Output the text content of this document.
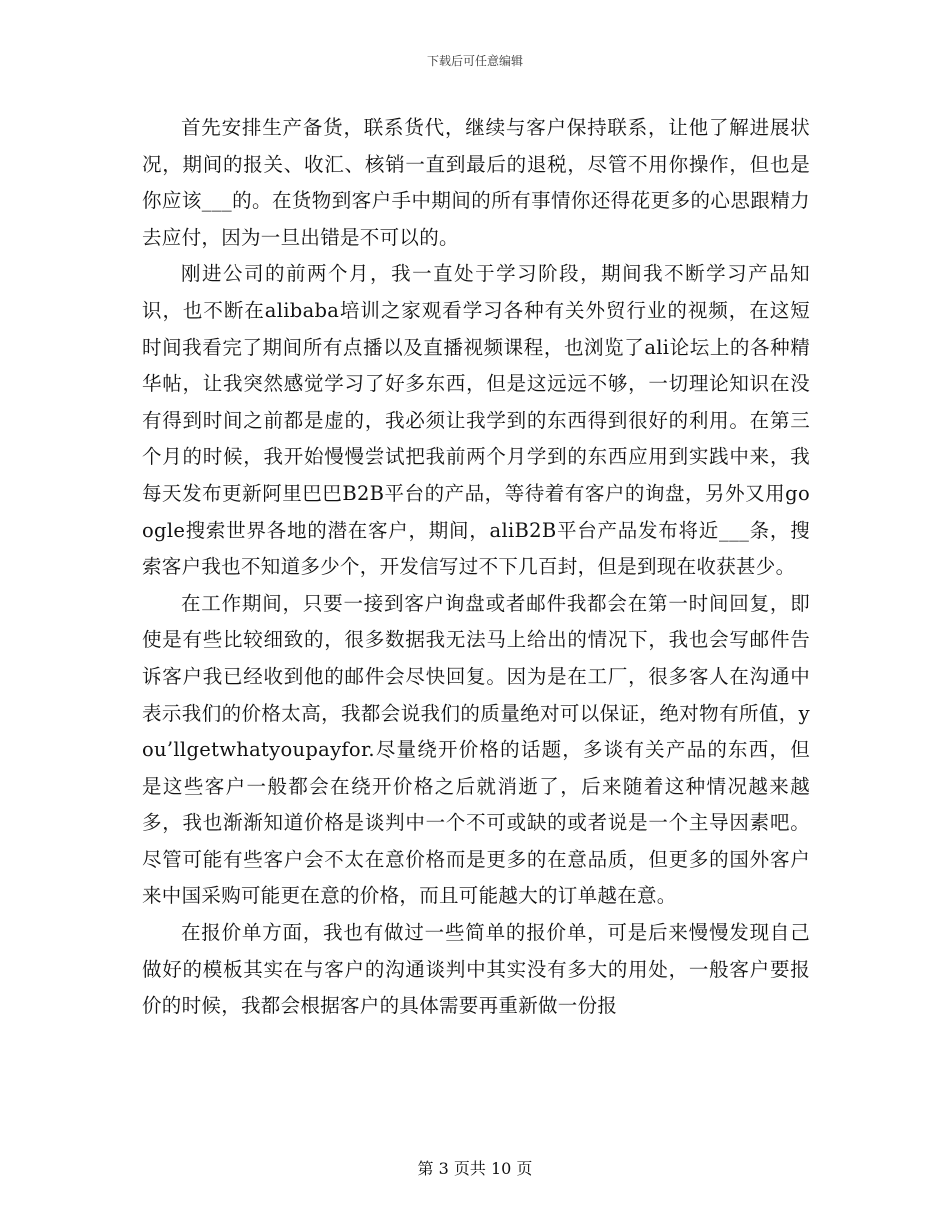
下载后可任意编辑

首先安排生产备货，联系货代，继续与客户保持联系，让他了解进展状况，期间的报关、收汇、核销一直到最后的退税，尽管不用你操作，但也是你应该___的。在货物到客户手中期间的所有事情你还得花更多的心思跟精力去应付，因为一旦出错是不可以的。

刚进公司的前两个月，我一直处于学习阶段，期间我不断学习产品知识，也不断在alibaba培训之家观看学习各种有关外贸行业的视频，在这短时间我看完了期间所有点播以及直播视频课程，也浏览了ali论坛上的各种精华帖，让我突然感觉学习了好多东西，但是这远远不够，一切理论知识在没有得到时间之前都是虚的，我必须让我学到的东西得到很好的利用。在第三个月的时候，我开始慢慢尝试把我前两个月学到的东西应用到实践中来，我每天发布更新阿里巴巴B2B平台的产品，等待着有客户的询盘，另外又用google搜索世界各地的潜在客户，期间，aliB2B平台产品发布将近___条，搜索客户我也不知道多少个，开发信写过不下几百封，但是到现在收获甚少。

在工作期间，只要一接到客户询盘或者邮件我都会在第一时间回复，即使是有些比较细致的，很多数据我无法马上给出的情况下，我也会写邮件告诉客户我已经收到他的邮件会尽快回复。因为是在工厂，很多客人在沟通中表示我们的价格太高，我都会说我们的质量绝对可以保证，绝对物有所值，you’llgetwhatyoupayfor.尽量绕开价格的话题，多谈有关产品的东西，但是这些客户一般都会在绕开价格之后就消逝了，后来随着这种情况越来越多，我也渐渐知道价格是谈判中一个不可或缺的或者说是一个主导因素吧。尽管可能有些客户会不太在意价格而是更多的在意品质，但更多的国外客户来中国采购可能更在意的价格，而且可能越大的订单越在意。

在报价单方面，我也有做过一些简单的报价单，可是后来慢慢发现自己做好的模板其实在与客户的沟通谈判中其实没有多大的用处，一般客户要报价的时候，我都会根据客户的具体需要再重新做一份报

第 3 页共 10 页
